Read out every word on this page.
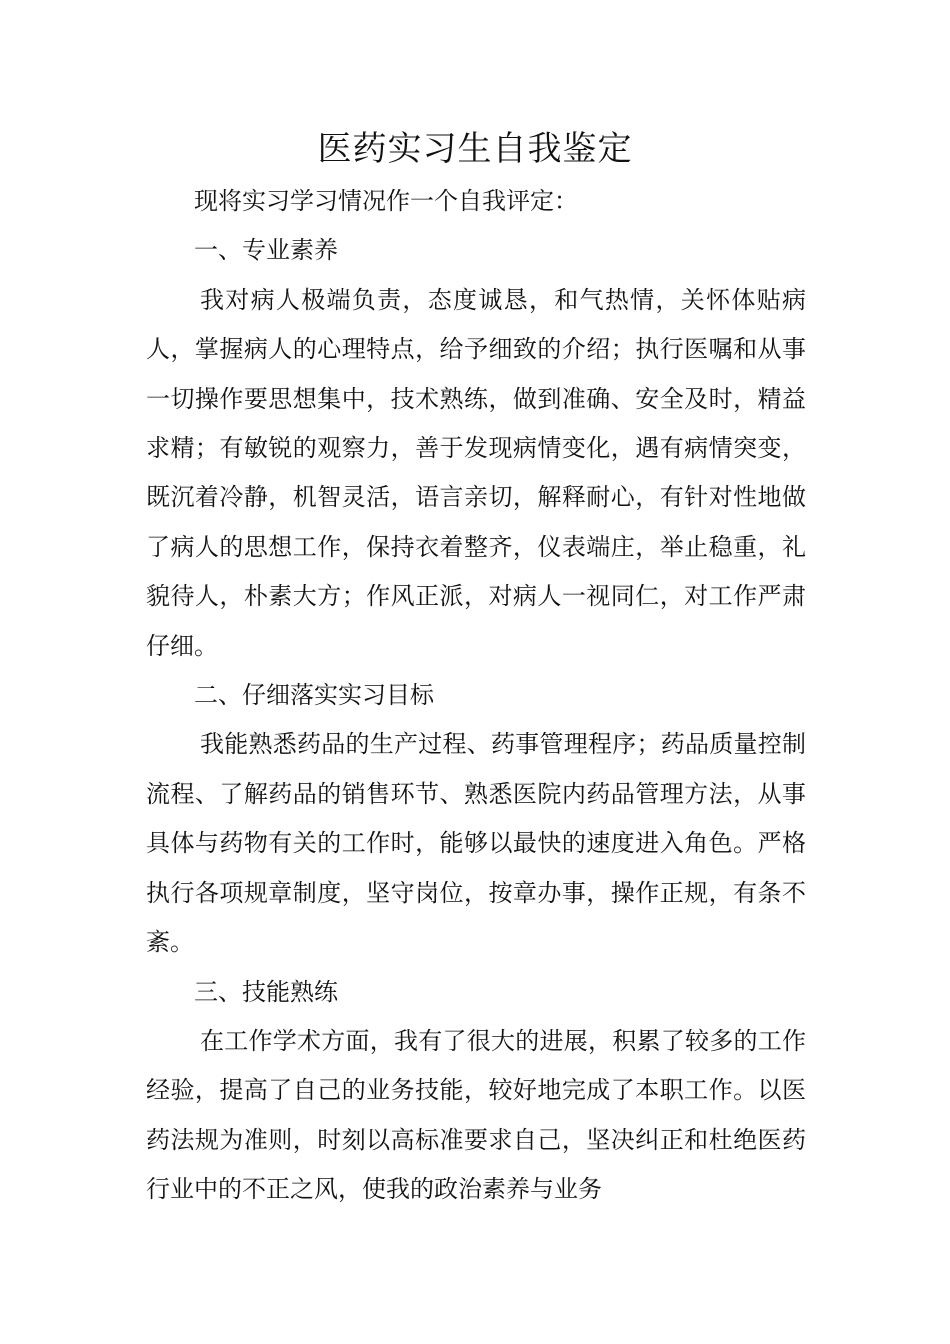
医药实习生自我鉴定

现将实习学习情况作一个自我评定：

一、专业素养

我对病人极端负责，态度诚恳，和气热情，关怀体贴病人，掌握病人的心理特点，给予细致的介绍；执行医嘱和从事一切操作要思想集中，技术熟练，做到准确、安全及时，精益求精；有敏锐的观察力，善于发现病情变化，遇有病情突变，既沉着冷静，机智灵活，语言亲切，解释耐心，有针对性地做了病人的思想工作，保持衣着整齐，仪表端庄，举止稳重，礼貌待人，朴素大方；作风正派，对病人一视同仁，对工作严肃仔细。

二、仔细落实实习目标

我能熟悉药品的生产过程、药事管理程序；药品质量控制流程、了解药品的销售环节、熟悉医院内药品管理方法，从事具体与药物有关的工作时，能够以最快的速度进入角色。严格执行各项规章制度，坚守岗位，按章办事，操作正规，有条不紊。

三、技能熟练

在工作学术方面，我有了很大的进展，积累了较多的工作经验，提高了自己的业务技能，较好地完成了本职工作。以医药法规为准则，时刻以高标准要求自己，坚决纠正和杜绝医药行业中的不正之风，使我的政治素养与业务
